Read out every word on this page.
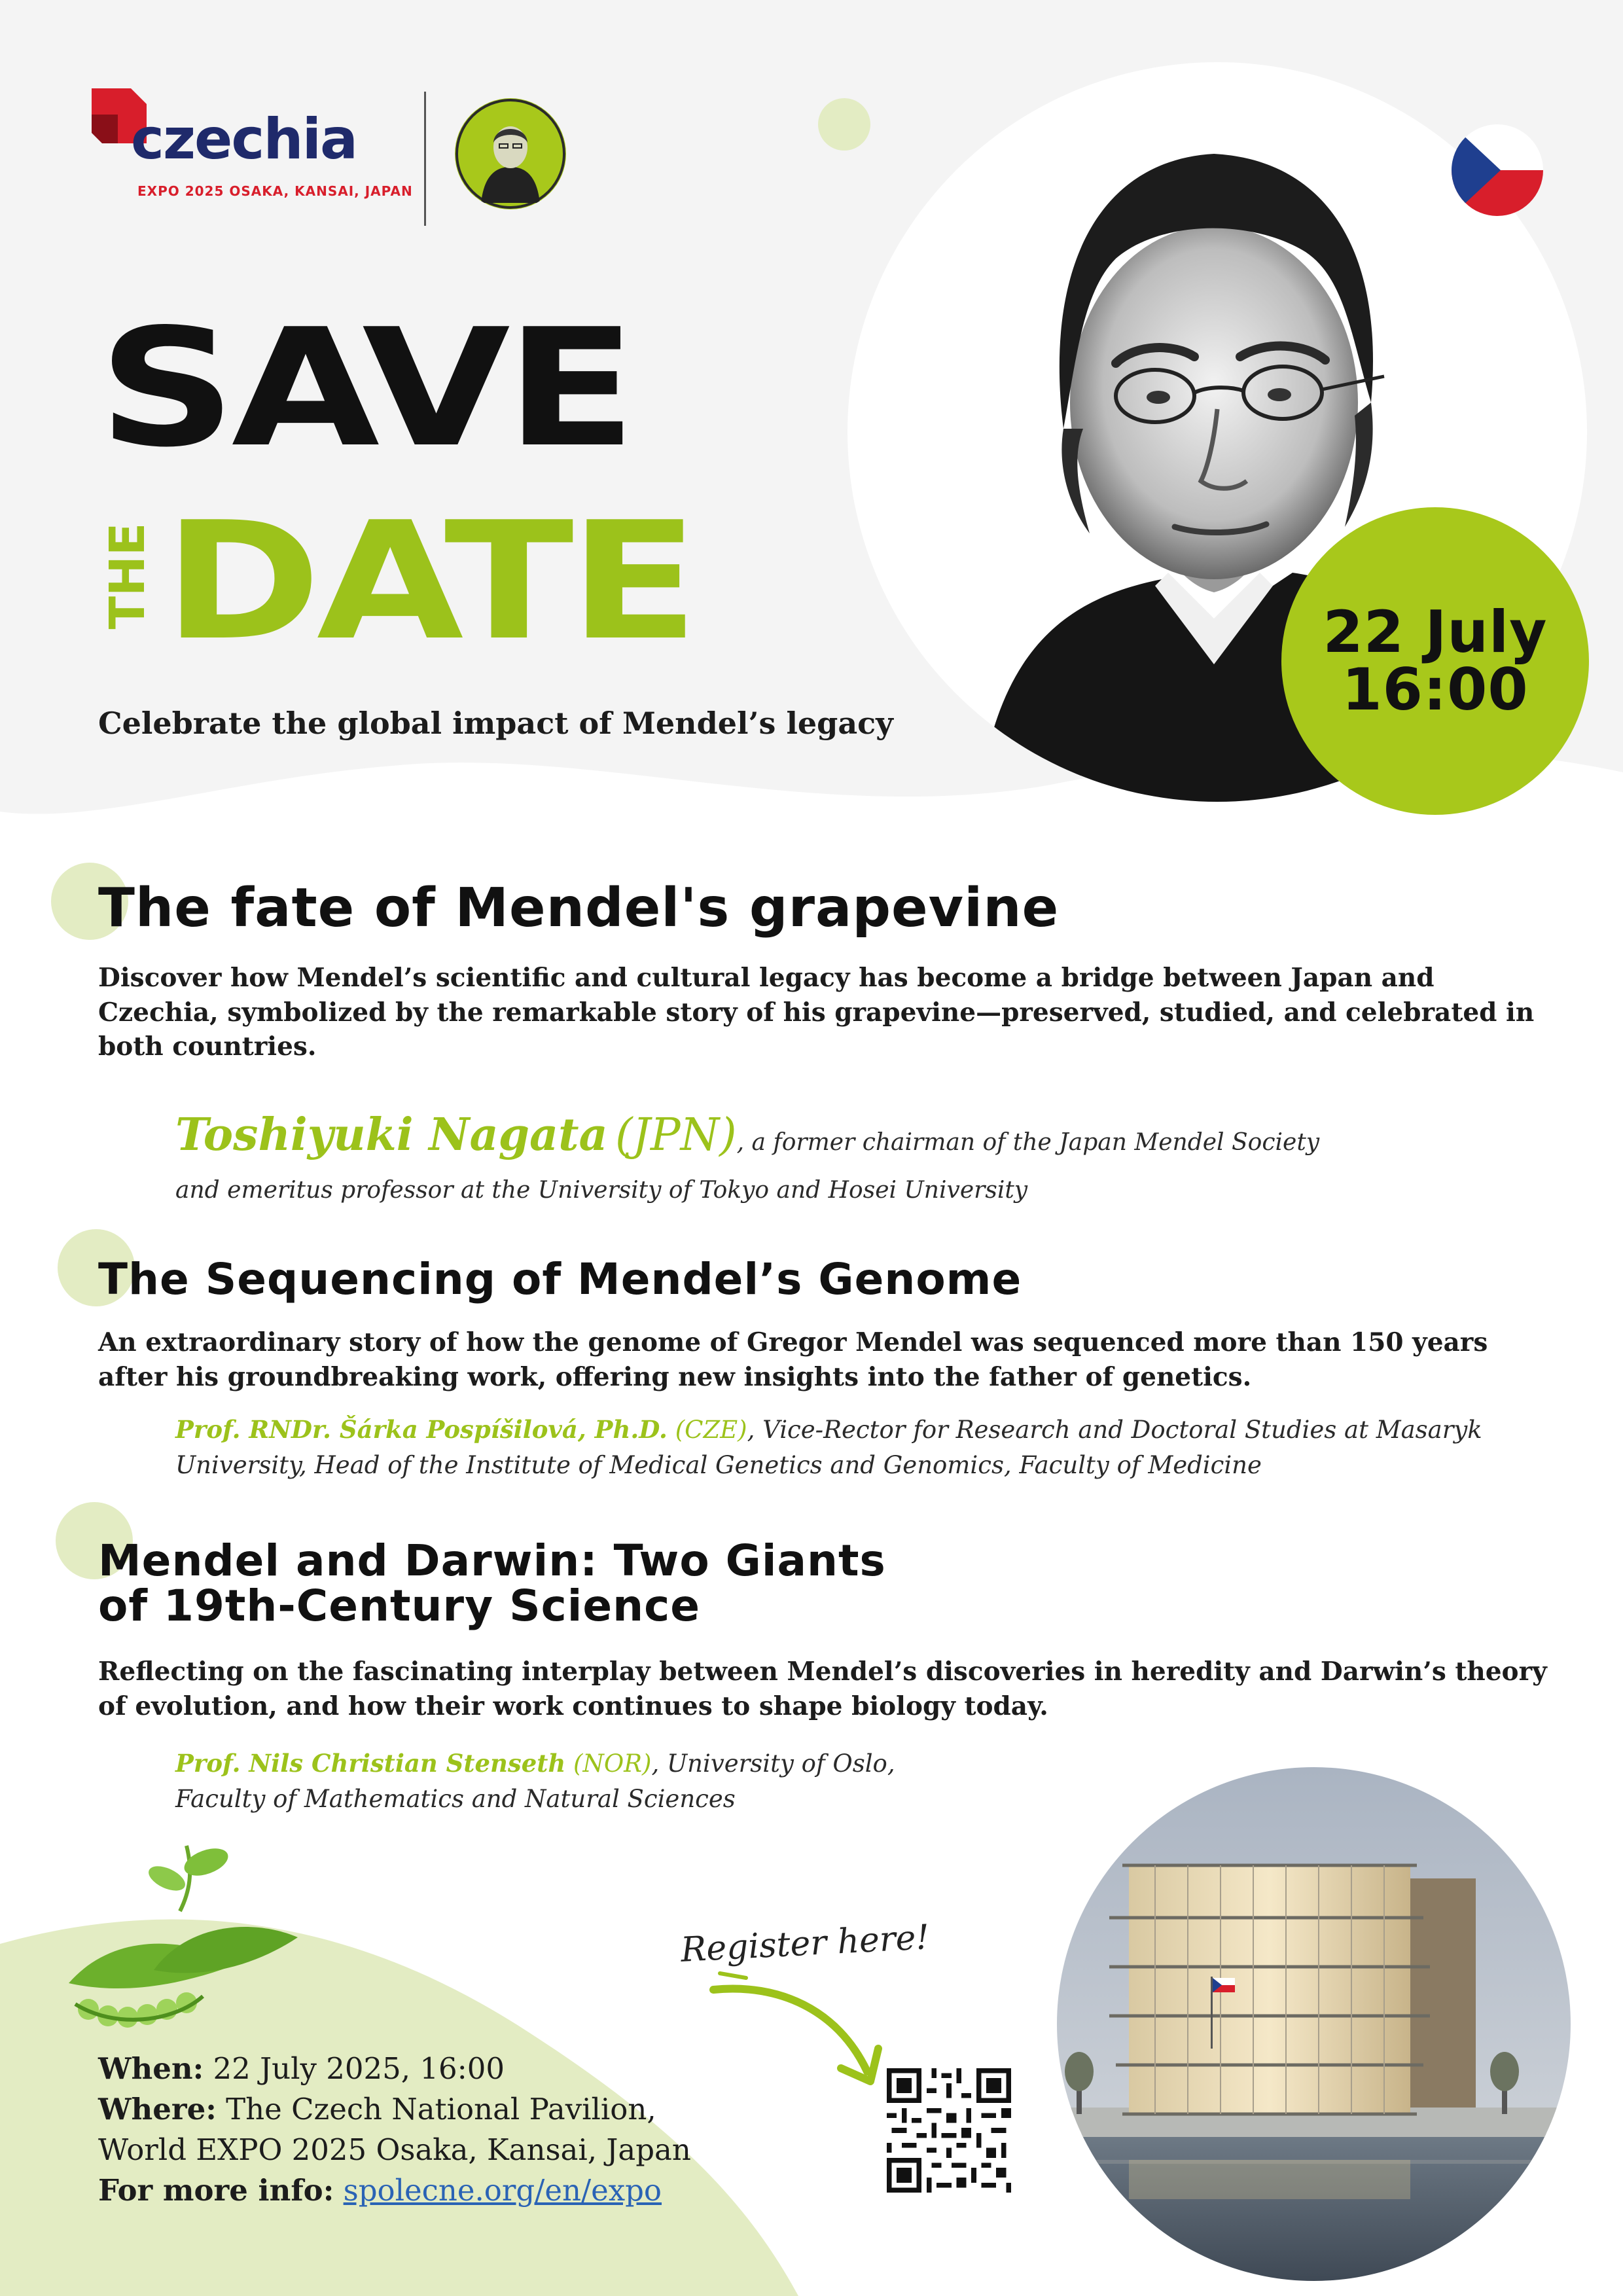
czechia
EXPO 2025 OSAKA, KANSAI, JAPAN
22 July
16:00
SAVE
THE DATE
Celebrate the global impact of Mendel’s legacy
The fate of Mendel's grapevine
Discover how Mendel’s scientific and cultural legacy has become a bridge between Japan and Czechia, symbolized by the remarkable story of his grapevine—preserved, studied, and celebrated in both countries.
Toshiyuki Nagata (JPN), a former chairman of the Japan Mendel Society
and emeritus professor at the University of Tokyo and Hosei University
The Sequencing of Mendel’s Genome
An extraordinary story of how the genome of Gregor Mendel was sequenced more than 150 years after his groundbreaking work, offering new insights into the father of genetics.
Prof. RNDr. Šárka Pospíšilová, Ph.D. (CZE), Vice-Rector for Research and Doctoral Studies at Masaryk
University, Head of the Institute of Medical Genetics and Genomics, Faculty of Medicine
Mendel and Darwin: Two Giants
of 19th-Century Science
Reflecting on the fascinating interplay between Mendel’s discoveries in heredity and Darwin’s theory of evolution, and how their work continues to shape biology today.
Prof. Nils Christian Stenseth (NOR), University of Oslo,
Faculty of Mathematics and Natural Sciences
When: 22 July 2025, 16:00
Where: The Czech National Pavilion,
World EXPO 2025 Osaka, Kansai, Japan
For more info: spolecne.org/en/expo
Register here!
